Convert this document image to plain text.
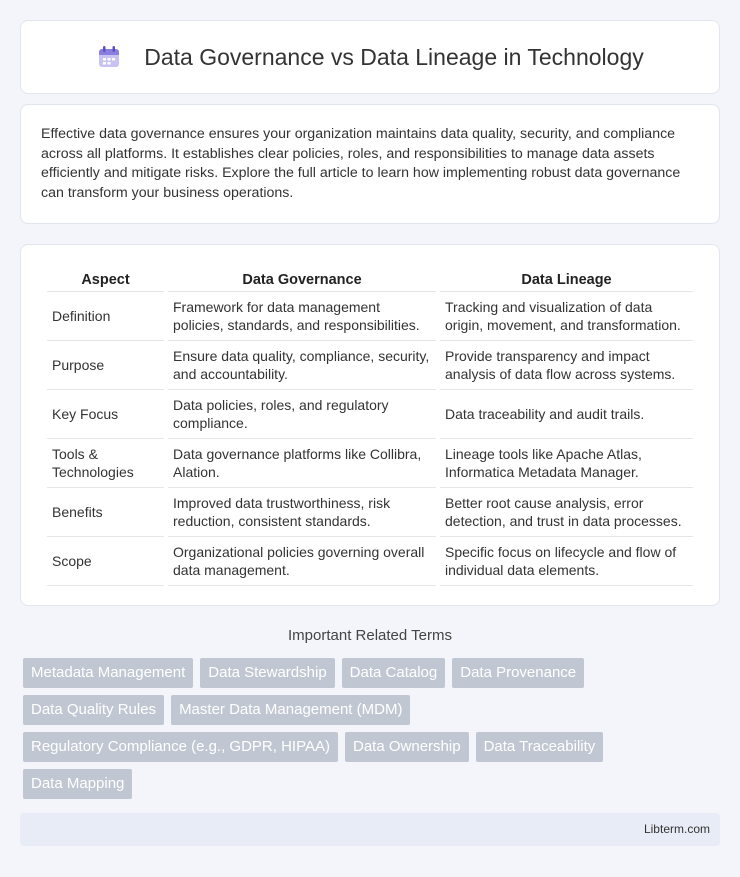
Data Governance vs Data Lineage in Technology

Effective data governance ensures your organization maintains data quality, security, and compliance across all platforms. It establishes clear policies, roles, and responsibilities to manage data assets efficiently and mitigate risks. Explore the full article to learn how implementing robust data governance can transform your business operations.

Aspect	Data Governance	Data Lineage
Definition	Framework for data management policies, standards, and responsibilities.	Tracking and visualization of data origin, movement, and transformation.
Purpose	Ensure data quality, compliance, security, and accountability.	Provide transparency and impact analysis of data flow across systems.
Key Focus	Data policies, roles, and regulatory compliance.	Data traceability and audit trails.
Tools & Technologies	Data governance platforms like Collibra, Alation.	Lineage tools like Apache Atlas, Informatica Metadata Manager.
Benefits	Improved data trustworthiness, risk reduction, consistent standards.	Better root cause analysis, error detection, and trust in data processes.
Scope	Organizational policies governing overall data management.	Specific focus on lifecycle and flow of individual data elements.
Important Related Terms
Metadata Management	Data Stewardship	Data Catalog	Data Provenance
Data Quality Rules	Master Data Management (MDM)
Regulatory Compliance (e.g., GDPR, HIPAA)	Data Ownership	Data Traceability
Data Mapping
Libterm.com
